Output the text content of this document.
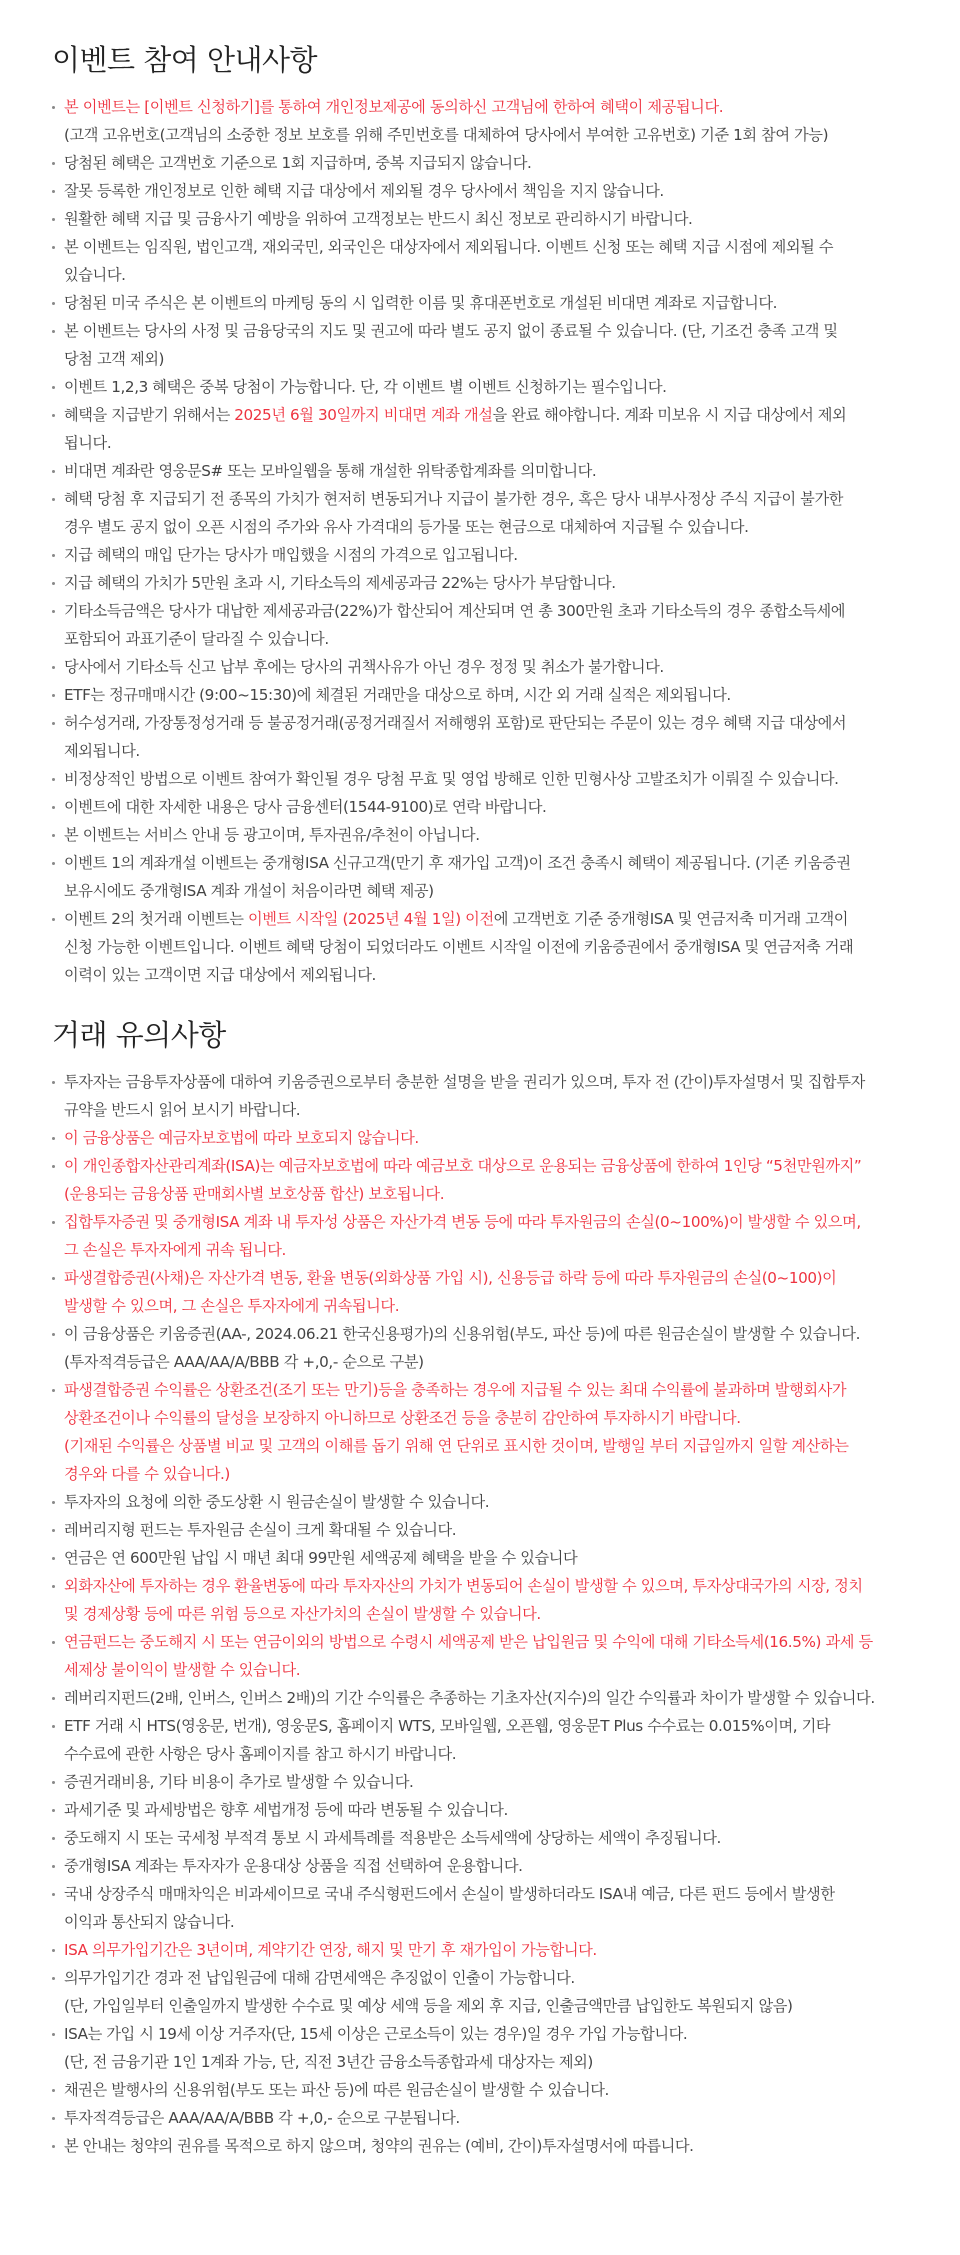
이벤트 참여 안내사항
본 이벤트는 [이벤트 신청하기]를 통하여 개인정보제공에 동의하신 고객님에 한하여 혜택이 제공됩니다.
(고객 고유번호(고객님의 소중한 정보 보호를 위해 주민번호를 대체하여 당사에서 부여한 고유번호) 기준 1회 참여 가능)
당첨된 혜택은 고객번호 기준으로 1회 지급하며, 중복 지급되지 않습니다.
잘못 등록한 개인정보로 인한 혜택 지급 대상에서 제외될 경우 당사에서 책임을 지지 않습니다.
원활한 혜택 지급 및 금융사기 예방을 위하여 고객정보는 반드시 최신 정보로 관리하시기 바랍니다.
본 이벤트는 임직원, 법인고객, 재외국민, 외국인은 대상자에서 제외됩니다. 이벤트 신청 또는 혜택 지급 시점에 제외될 수
있습니다.
당첨된 미국 주식은 본 이벤트의 마케팅 동의 시 입력한 이름 및 휴대폰번호로 개설된 비대면 계좌로 지급합니다.
본 이벤트는 당사의 사정 및 금융당국의 지도 및 권고에 따라 별도 공지 없이 종료될 수 있습니다. (단, 기조건 충족 고객 및
당첨 고객 제외)
이벤트 1,2,3 혜택은 중복 당첨이 가능합니다. 단, 각 이벤트 별 이벤트 신청하기는 필수입니다.
혜택을 지급받기 위해서는 2025년 6월 30일까지 비대면 계좌 개설을 완료 해야합니다. 계좌 미보유 시 지급 대상에서 제외
됩니다.
비대면 계좌란 영웅문S# 또는 모바일웹을 통해 개설한 위탁종합계좌를 의미합니다.
혜택 당첨 후 지급되기 전 종목의 가치가 현저히 변동되거나 지급이 불가한 경우, 혹은 당사 내부사정상 주식 지급이 불가한
경우 별도 공지 없이 오픈 시점의 주가와 유사 가격대의 등가물 또는 현금으로 대체하여 지급될 수 있습니다.
지급 혜택의 매입 단가는 당사가 매입했을 시점의 가격으로 입고됩니다.
지급 혜택의 가치가 5만원 초과 시, 기타소득의 제세공과금 22%는 당사가 부담합니다.
기타소득금액은 당사가 대납한 제세공과금(22%)가 합산되어 계산되며 연 총 300만원 초과 기타소득의 경우 종합소득세에
포함되어 과표기준이 달라질 수 있습니다.
당사에서 기타소득 신고 납부 후에는 당사의 귀책사유가 아닌 경우 정정 및 취소가 불가합니다.
ETF는 정규매매시간 (9:00~15:30)에 체결된 거래만을 대상으로 하며, 시간 외 거래 실적은 제외됩니다.
허수성거래, 가장통정성거래 등 불공정거래(공정거래질서 저해행위 포함)로 판단되는 주문이 있는 경우 혜택 지급 대상에서
제외됩니다.
비정상적인 방법으로 이벤트 참여가 확인될 경우 당첨 무효 및 영업 방해로 인한 민형사상 고발조치가 이뤄질 수 있습니다.
이벤트에 대한 자세한 내용은 당사 금융센터(1544-9100)로 연락 바랍니다.
본 이벤트는 서비스 안내 등 광고이며, 투자권유/추천이 아닙니다.
이벤트 1의 계좌개설 이벤트는 중개형ISA 신규고객(만기 후 재가입 고객)이 조건 충족시 혜택이 제공됩니다. (기존 키움증권
보유시에도 중개형ISA 계좌 개설이 처음이라면 혜택 제공)
이벤트 2의 첫거래 이벤트는 이벤트 시작일 (2025년 4월 1일) 이전에 고객번호 기준 중개형ISA 및 연금저축 미거래 고객이
신청 가능한 이벤트입니다. 이벤트 혜택 당첨이 되었더라도 이벤트 시작일 이전에 키움증권에서 중개형ISA 및 연금저축 거래
이력이 있는 고객이면 지급 대상에서 제외됩니다.
거래 유의사항
투자자는 금융투자상품에 대하여 키움증권으로부터 충분한 설명을 받을 권리가 있으며, 투자 전 (간이)투자설명서 및 집합투자
규약을 반드시 읽어 보시기 바랍니다.
이 금융상품은 예금자보호법에 따라 보호되지 않습니다.
이 개인종합자산관리계좌(ISA)는 예금자보호법에 따라 예금보호 대상으로 운용되는 금융상품에 한하여 1인당 “5천만원까지”
(운용되는 금융상품 판매회사별 보호상품 합산) 보호됩니다.
집합투자증권 및 중개형ISA 계좌 내 투자성 상품은 자산가격 변동 등에 따라 투자원금의 손실(0~100%)이 발생할 수 있으며,
그 손실은 투자자에게 귀속 됩니다.
파생결합증권(사채)은 자산가격 변동, 환율 변동(외화상품 가입 시), 신용등급 하락 등에 따라 투자원금의 손실(0~100)이
발생할 수 있으며, 그 손실은 투자자에게 귀속됩니다.
이 금융상품은 키움증권(AA-, 2024.06.21 한국신용평가)의 신용위험(부도, 파산 등)에 따른 원금손실이 발생할 수 있습니다.
(투자적격등급은 AAA/AA/A/BBB 각 +,0,- 순으로 구분)
파생결합증권 수익률은 상환조건(조기 또는 만기)등을 충족하는 경우에 지급될 수 있는 최대 수익률에 불과하며 발행회사가
상환조건이나 수익률의 달성을 보장하지 아니하므로 상환조건 등을 충분히 감안하여 투자하시기 바랍니다.
(기재된 수익률은 상품별 비교 및 고객의 이해를 돕기 위해 연 단위로 표시한 것이며, 발행일 부터 지급일까지 일할 계산하는
경우와 다를 수 있습니다.)
투자자의 요청에 의한 중도상환 시 원금손실이 발생할 수 있습니다.
레버리지형 펀드는 투자원금 손실이 크게 확대될 수 있습니다.
연금은 연 600만원 납입 시 매년 최대 99만원 세액공제 혜택을 받을 수 있습니다
외화자산에 투자하는 경우 환율변동에 따라 투자자산의 가치가 변동되어 손실이 발생할 수 있으며, 투자상대국가의 시장, 정치
및 경제상황 등에 따른 위험 등으로 자산가치의 손실이 발생할 수 있습니다.
연금펀드는 중도해지 시 또는 연금이외의 방법으로 수령시 세액공제 받은 납입원금 및 수익에 대해 기타소득세(16.5%) 과세 등
세제상 불이익이 발생할 수 있습니다.
레버리지펀드(2배, 인버스, 인버스 2배)의 기간 수익률은 추종하는 기초자산(지수)의 일간 수익률과 차이가 발생할 수 있습니다.
ETF 거래 시 HTS(영웅문, 번개), 영웅문S, 홈페이지 WTS, 모바일웹, 오픈웹, 영웅문T Plus 수수료는 0.015%이며, 기타
수수료에 관한 사항은 당사 홈페이지를 참고 하시기 바랍니다.
증권거래비용, 기타 비용이 추가로 발생할 수 있습니다.
과세기준 및 과세방법은 향후 세법개정 등에 따라 변동될 수 있습니다.
중도해지 시 또는 국세청 부적격 통보 시 과세특례를 적용받은 소득세액에 상당하는 세액이 추징됩니다.
중개형ISA 계좌는 투자자가 운용대상 상품을 직접 선택하여 운용합니다.
국내 상장주식 매매차익은 비과세이므로 국내 주식형펀드에서 손실이 발생하더라도 ISA내 예금, 다른 펀드 등에서 발생한
이익과 통산되지 않습니다.
ISA 의무가입기간은 3년이며, 계약기간 연장, 해지 및 만기 후 재가입이 가능합니다.
의무가입기간 경과 전 납입원금에 대해 감면세액은 추징없이 인출이 가능합니다.
(단, 가입일부터 인출일까지 발생한 수수료 및 예상 세액 등을 제외 후 지급, 인출금액만큼 납입한도 복원되지 않음)
ISA는 가입 시 19세 이상 거주자(단, 15세 이상은 근로소득이 있는 경우)일 경우 가입 가능합니다.
(단, 전 금융기관 1인 1계좌 가능, 단, 직전 3년간 금융소득종합과세 대상자는 제외)
채권은 발행사의 신용위험(부도 또는 파산 등)에 따른 원금손실이 발생할 수 있습니다.
투자적격등급은 AAA/AA/A/BBB 각 +,0,- 순으로 구분됩니다.
본 안내는 청약의 권유를 목적으로 하지 않으며, 청약의 권유는 (예비, 간이)투자설명서에 따릅니다.
